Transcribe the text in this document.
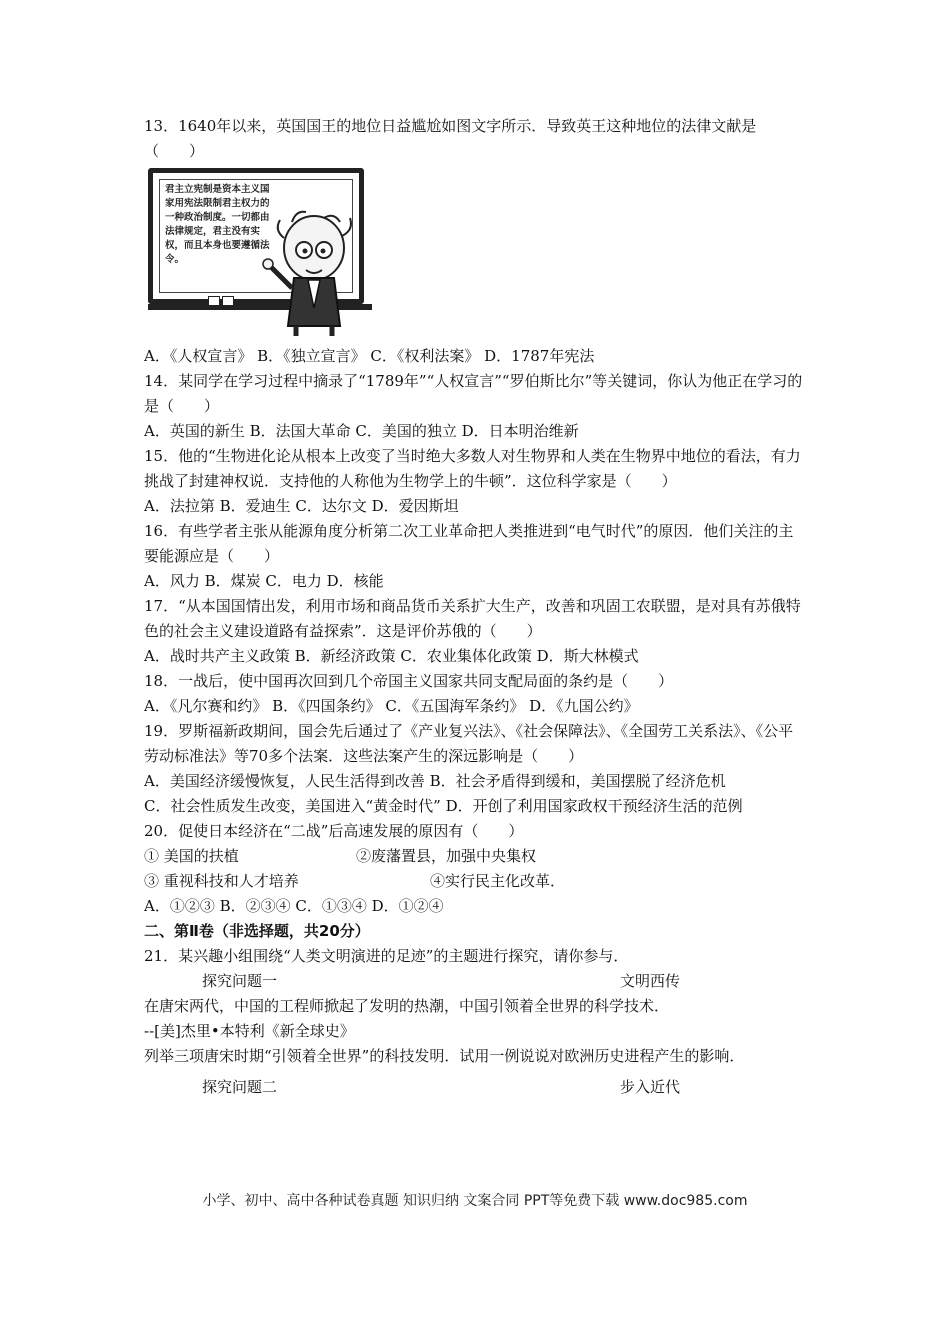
13．1640年以来，英国国王的地位日益尴尬如图文字所示．导致英王这种地位的法律文献是（　　）
君主立宪制是资本主义国家用宪法限制君主权力的一种政治制度。一切都由法律规定，君主没有实权，而且本身也要遵循法令。
A．《人权宣言》 B．《独立宣言》 C．《权利法案》 D．1787年宪法
14．某同学在学习过程中摘录了“1789年”“人权宣言”“罗伯斯比尔”等关键词，你认为他正在学习的是（　　）
A．英国的新生 B．法国大革命 C．美国的独立 D．日本明治维新
15．他的“生物进化论从根本上改变了当时绝大多数人对生物界和人类在生物界中地位的看法，有力挑战了封建神权说．支持他的人称他为生物学上的牛顿”．这位科学家是（　　）
A．法拉第 B．爱迪生 C．达尔文 D．爱因斯坦
16．有些学者主张从能源角度分析第二次工业革命把人类推进到“电气时代”的原因．他们关注的主要能源应是（　　）
A．风力 B．煤炭 C．电力 D．核能
17．“从本国国情出发，利用市场和商品货币关系扩大生产，改善和巩固工农联盟，是对具有苏俄特色的社会主义建设道路有益探索”．这是评价苏俄的（　　）
A．战时共产主义政策 B．新经济政策 C．农业集体化政策 D．斯大林模式
18．一战后，使中国再次回到几个帝国主义国家共同支配局面的条约是（　　）
A．《凡尔赛和约》 B．《四国条约》 C．《五国海军条约》 D．《九国公约》
19．罗斯福新政期间，国会先后通过了《产业复兴法》、《社会保障法》、《全国劳工关系法》、《公平劳动标准法》等70多个法案．这些法案产生的深远影响是（　　）
A．美国经济缓慢恢复，人民生活得到改善 B．社会矛盾得到缓和，美国摆脱了经济危机
C．社会性质发生改变，美国进入“黄金时代” D．开创了利用国家政权干预经济生活的范例
20．促使日本经济在“二战”后高速发展的原因有（　　）
① 美国的扶植	②废藩置县，加强中央集权
③ 重视科技和人才培养	④实行民主化改革．
A．①②③ B．②③④ C．①③④ D．①②④
二、第Ⅱ卷（非选择题，共20分）
21．某兴趣小组围绕“人类文明演进的足迹”的主题进行探究，请你参与．
探究问题一	文明西传
在唐宋两代，中国的工程师掀起了发明的热潮，中国引领着全世界的科学技术．
--[美]杰里•本特利《新全球史》
列举三项唐宋时期“引领着全世界”的科技发明．试用一例说说对欧洲历史进程产生的影响．
探究问题二	步入近代
小学、初中、高中各种试卷真题 知识归纳 文案合同 PPT等免费下载 www.doc985.com
